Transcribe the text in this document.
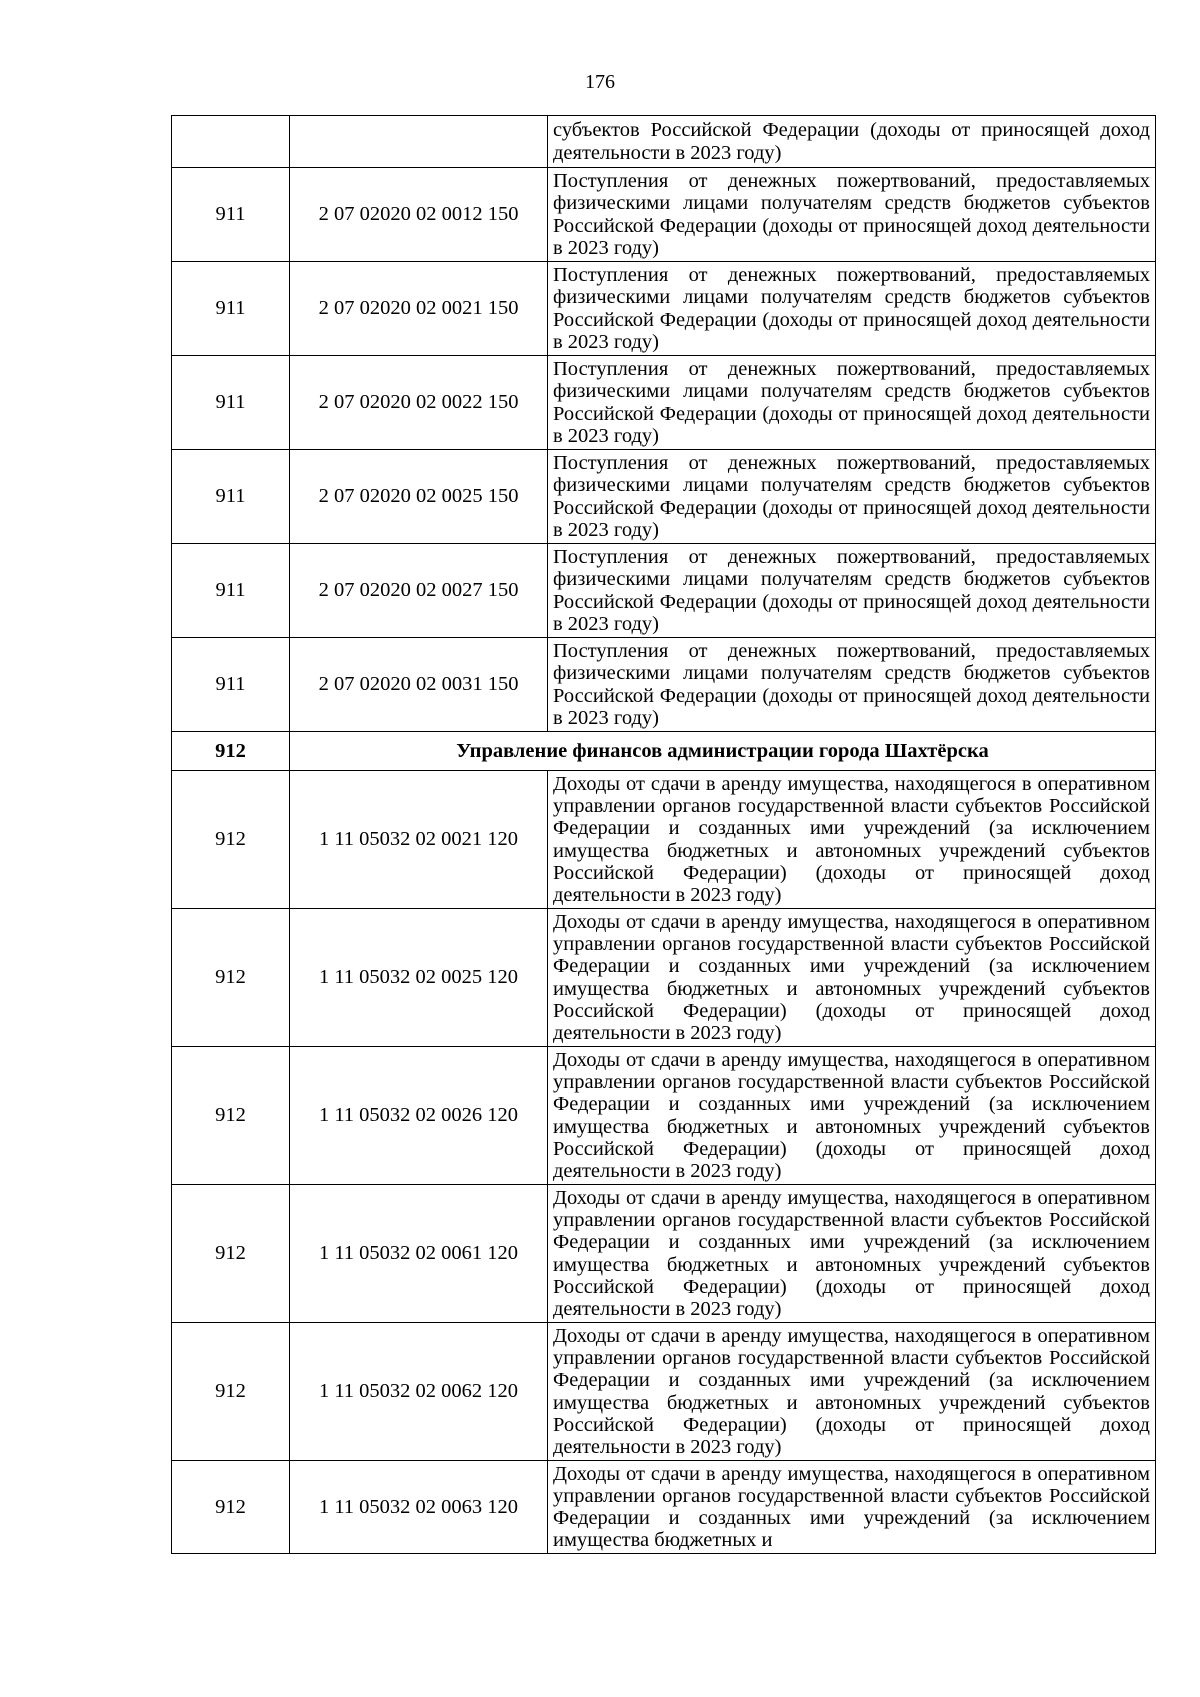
176
		субъектов Российской Федерации (доходы от приносящей доход деятельности в 2023 году)
911	2 07 02020 02 0012 150	Поступления от денежных пожертвований, предоставляемых физическими лицами получателям средств бюджетов субъектов Российской Федерации (доходы от приносящей доход деятельности в 2023 году)
911	2 07 02020 02 0021 150	Поступления от денежных пожертвований, предоставляемых физическими лицами получателям средств бюджетов субъектов Российской Федерации (доходы от приносящей доход деятельности в 2023 году)
911	2 07 02020 02 0022 150	Поступления от денежных пожертвований, предоставляемых физическими лицами получателям средств бюджетов субъектов Российской Федерации (доходы от приносящей доход деятельности в 2023 году)
911	2 07 02020 02 0025 150	Поступления от денежных пожертвований, предоставляемых физическими лицами получателям средств бюджетов субъектов Российской Федерации (доходы от приносящей доход деятельности в 2023 году)
911	2 07 02020 02 0027 150	Поступления от денежных пожертвований, предоставляемых физическими лицами получателям средств бюджетов субъектов Российской Федерации (доходы от приносящей доход деятельности в 2023 году)
911	2 07 02020 02 0031 150	Поступления от денежных пожертвований, предоставляемых физическими лицами получателям средств бюджетов субъектов Российской Федерации (доходы от приносящей доход деятельности в 2023 году)
912	Управление финансов администрации города Шахтёрска	
912	1 11 05032 02 0021 120	Доходы от сдачи в аренду имущества, находящегося в оперативном управлении органов государственной власти субъектов Российской Федерации и созданных ими учреждений (за исключением имущества бюджетных и автономных учреждений субъектов Российской Федерации) (доходы от приносящей доход деятельности в 2023 году)
912	1 11 05032 02 0025 120	Доходы от сдачи в аренду имущества, находящегося в оперативном управлении органов государственной власти субъектов Российской Федерации и созданных ими учреждений (за исключением имущества бюджетных и автономных учреждений субъектов Российской Федерации) (доходы от приносящей доход деятельности в 2023 году)
912	1 11 05032 02 0026 120	Доходы от сдачи в аренду имущества, находящегося в оперативном управлении органов государственной власти субъектов Российской Федерации и созданных ими учреждений (за исключением имущества бюджетных и автономных учреждений субъектов Российской Федерации) (доходы от приносящей доход деятельности в 2023 году)
912	1 11 05032 02 0061 120	Доходы от сдачи в аренду имущества, находящегося в оперативном управлении органов государственной власти субъектов Российской Федерации и созданных ими учреждений (за исключением имущества бюджетных и автономных учреждений субъектов Российской Федерации) (доходы от приносящей доход деятельности в 2023 году)
912	1 11 05032 02 0062 120	Доходы от сдачи в аренду имущества, находящегося в оперативном управлении органов государственной власти субъектов Российской Федерации и созданных ими учреждений (за исключением имущества бюджетных и автономных учреждений субъектов Российской Федерации) (доходы от приносящей доход деятельности в 2023 году)
912	1 11 05032 02 0063 120	Доходы от сдачи в аренду имущества, находящегося в оперативном управлении органов государственной власти субъектов Российской Федерации и созданных ими учреждений (за исключением имущества бюджетных и
